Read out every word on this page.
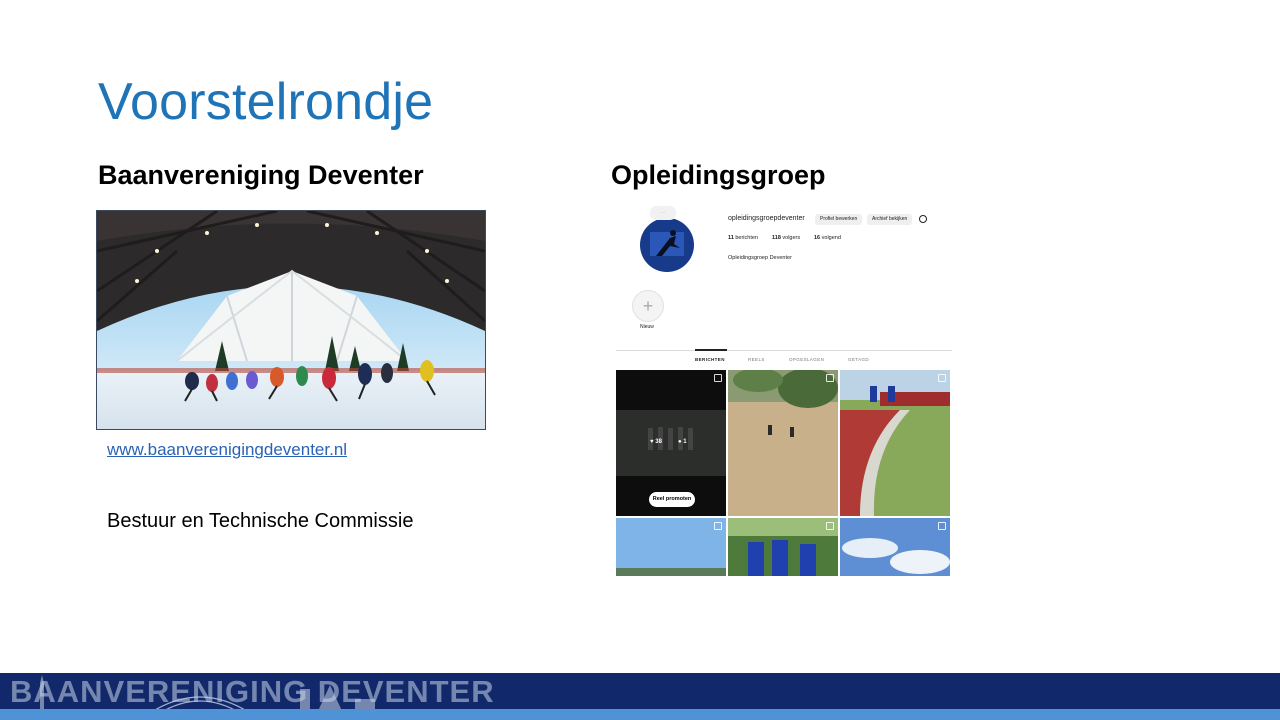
Voorstelrondje
Baanvereniging Deventer	Opleidingsgroep
www.baanverenigingdeventer.nl
Bestuur en Technische Commissie
···
opleidingsgroepdeventer	Profiel bewerken	Archief bekijken
11 berichten	118 volgers	16 volgend
Opleidingsgroep Deventer
+
Nieuw
BERICHTEN	REELS	OPGESLAGEN	GETAGD
♥ 38	● 1
Reel promoten
BAANVERENIGING DEVENTER
